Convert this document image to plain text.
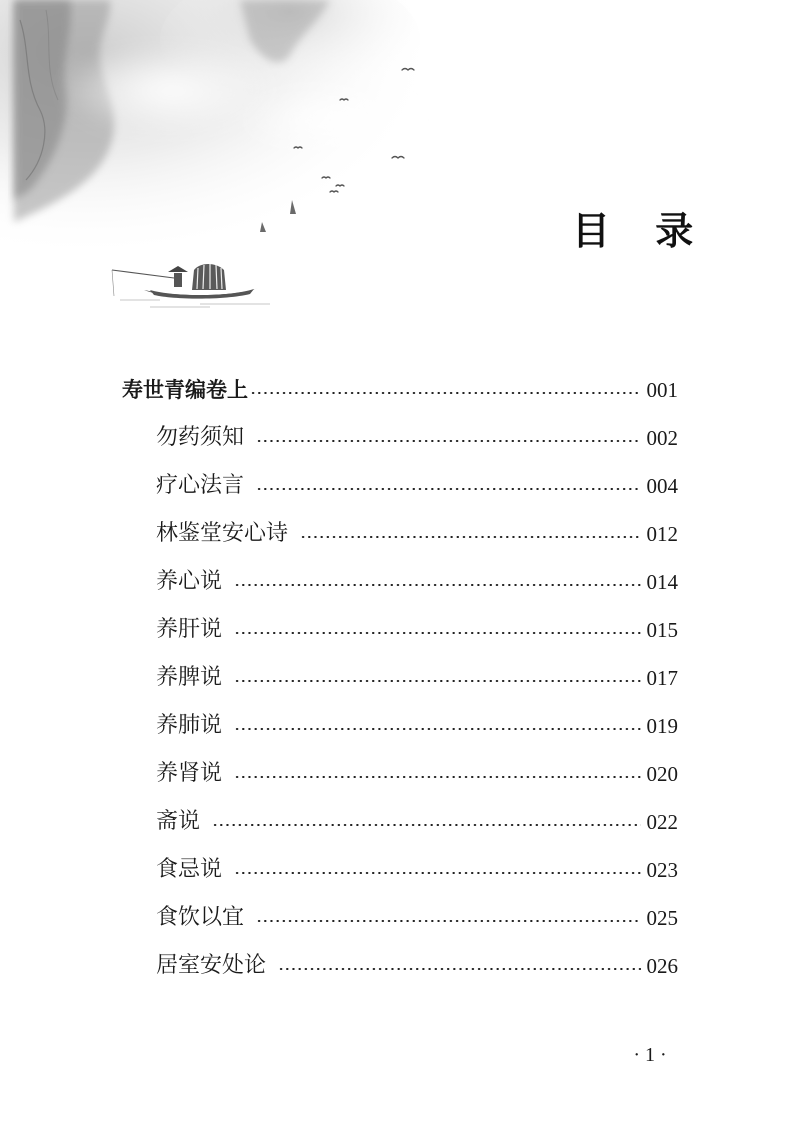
目 录
寿世青编卷上	001
勿药须知	002
疗心法言	004
林鉴堂安心诗	012
养心说	014
养肝说	015
养脾说	017
养肺说	019
养肾说	020
斋说	022
食忌说	023
食饮以宜	025
居室安处论	026
· 1 ·
